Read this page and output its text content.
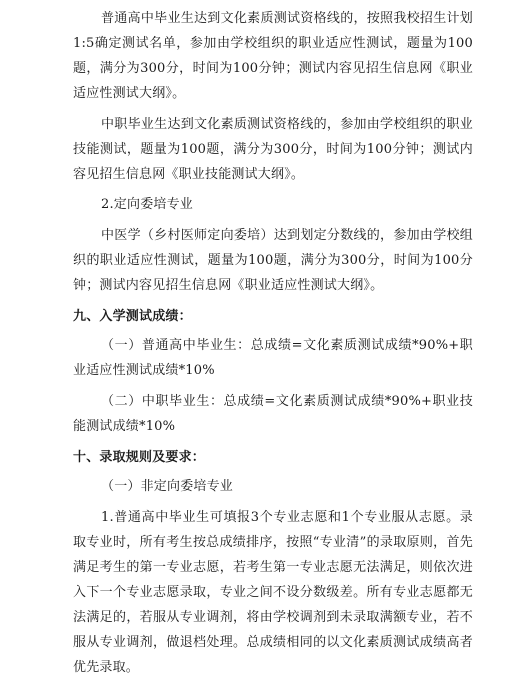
普通高中毕业生达到文化素质测试资格线的，按照我校招生计划1:5确定测试名单，参加由学校组织的职业适应性测试，题量为100题，满分为300分，时间为100分钟；测试内容见招生信息网《职业适应性测试大纲》。

中职毕业生达到文化素质测试资格线的，参加由学校组织的职业技能测试，题量为100题，满分为300分，时间为100分钟；测试内容见招生信息网《职业技能测试大纲》。

2.定向委培专业

中医学（乡村医师定向委培）达到划定分数线的，参加由学校组织的职业适应性测试，题量为100题，满分为300分，时间为100分钟；测试内容见招生信息网《职业适应性测试大纲》。

九、入学测试成绩：

（一）普通高中毕业生：总成绩=文化素质测试成绩*90%+职业适应性测试成绩*10%

（二）中职毕业生：总成绩=文化素质测试成绩*90%+职业技能测试成绩*10%

十、录取规则及要求：

（一）非定向委培专业

1.普通高中毕业生可填报3个专业志愿和1个专业服从志愿。录取专业时，所有考生按总成绩排序，按照“专业清”的录取原则，首先满足考生的第一专业志愿，若考生第一专业志愿无法满足，则依次进入下一个专业志愿录取，专业之间不设分数级差。所有专业志愿都无法满足的，若服从专业调剂，将由学校调剂到未录取满额专业，若不服从专业调剂，做退档处理。总成绩相同的以文化素质测试成绩高者优先录取。
